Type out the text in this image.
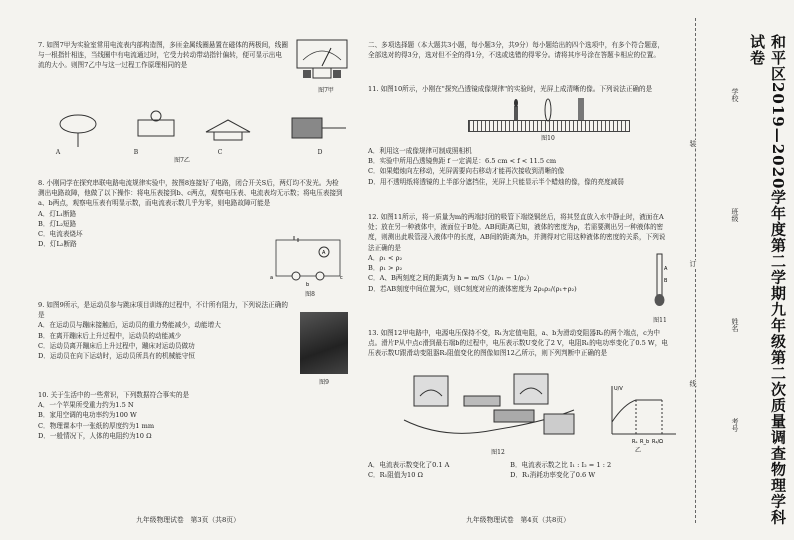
7. 如图7甲为实验室常用电流表内部构造图，多匝金属线圈悬置在磁体的两极间，线圈与一根指针相连，当线圈中有电流通过时，它受力转动带动指针偏转，便可显示出电流的大小。则图7乙中与这一过程工作原理相同的是

图7甲
A	B	C	D
图7乙

8. 小刚同学在探究串联电路电流规律实验中，按图8连接好了电路，闭合开关S后，两灯均不发光。为检测出电路故障，他做了以下操作：将电压表接到b、c两点，观察电压表、电流表均无示数；将电压表接到a、b两点，观察电压表有明显示数，而电流表示数几乎为零，则电路故障可能是

A．灯L₁断路

B．灯L₂短路

C．电流表烧坏

D．灯L₂断路

A
a
b
c
图8

9. 如图9所示，是运动员参与跳床项目训练的过程中，不计所有阻力，下列说法正确的是

A．在运动员与蹦床接触后，运动员的重力势能减少，动能增大

B．在离开蹦床后上升过程中，运动员的动能减少

C．运动员离开蹦床后上升过程中，蹦床对运动员做功

D．运动员在向下运动时，运动员所具有的机械能守恒

图9

10. 关于生活中的一些常识，下列数据符合事实的是

A．一个苹果所受重力约为1.5 N

B．家用空调的电功率约为100 W

C．物理课本中一张纸的厚度约为1 mm

D．一般情况下，人体的电阻约为10 Ω

九年级物理试卷　第3页（共8页）

二、多项选择题（本大题共3小题，每小题3分，共9分）每小题给出的四个选项中，有多个符合题意，全部选对的得3分，选对但不全的得1分，不选或选错的得零分。请将其序号涂在答题卡相应的位置。

11. 如图10所示，小刚在"探究凸透镜成像规律"的实验时，光屏上成清晰的像。下列说法正确的是

图10

A．利用这一成像规律可制成照相机

B．实验中所用凸透镜焦距 f 一定满足：6.5 cm < f < 11.5 cm

C．如果蜡烛向左移动，光屏需要向右移动才能再次接收到清晰的像

D．用不透明纸将透镜的上半部分遮挡住，光屏上只能显示半个蜡烛的像，像的亮度减弱

12. 如图11所示，将一质量为m的两端封闭的吸管下端绕铜丝后，将其竖直放入水中静止时，液面在A处；放在另一种液体中，液面位于B处。AB间距离已知，液体的密度为ρ，若需要测出另一种液体的密度，则测出此吸管浸入液体中的长度，AB间的距离为h，并测得对它用这种液体的密度的关系，下列说法正确的是

A．ρ₁ < ρ₂

B．ρ₁ > ρ₂

C．A、B两刻度之间的距离为 h = m/S（1/ρ₁ − 1/ρ₂）

D．若AB刻度中间位置为C，则C刻度对应的液体密度为 2ρ₁ρ₂/(ρ₁+ρ₂)

A
B
图11

13. 如图12甲电路中，电源电压保持不变，R₁为定值电阻，a、b为滑动变阻器R₂的两个端点，c为中点。滑片P从中点c滑到最右端b的过程中，电压表示数U变化了2 V，电阻R₁的电功率变化了0.5 W，电压表示数U跟滑动变阻器R₂阻值变化的图像如图12乙所示，则下列判断中正确的是

图12
U/V
R₂/Ω
Rₐ R_b
乙

A．电流表示数变化了0.1 A

	B．电流表示数之比 I₁ : I₂ = 1 : 2

C．R₁阻值为10 Ω

	D．R₁消耗功率变化了0.6 W

九年级物理试卷　第4页（共8页）
装
订
线	和平区2019—2020学年度第二学期九年级第二次质量调查物理学科试卷
学校
班级
姓名
考号
